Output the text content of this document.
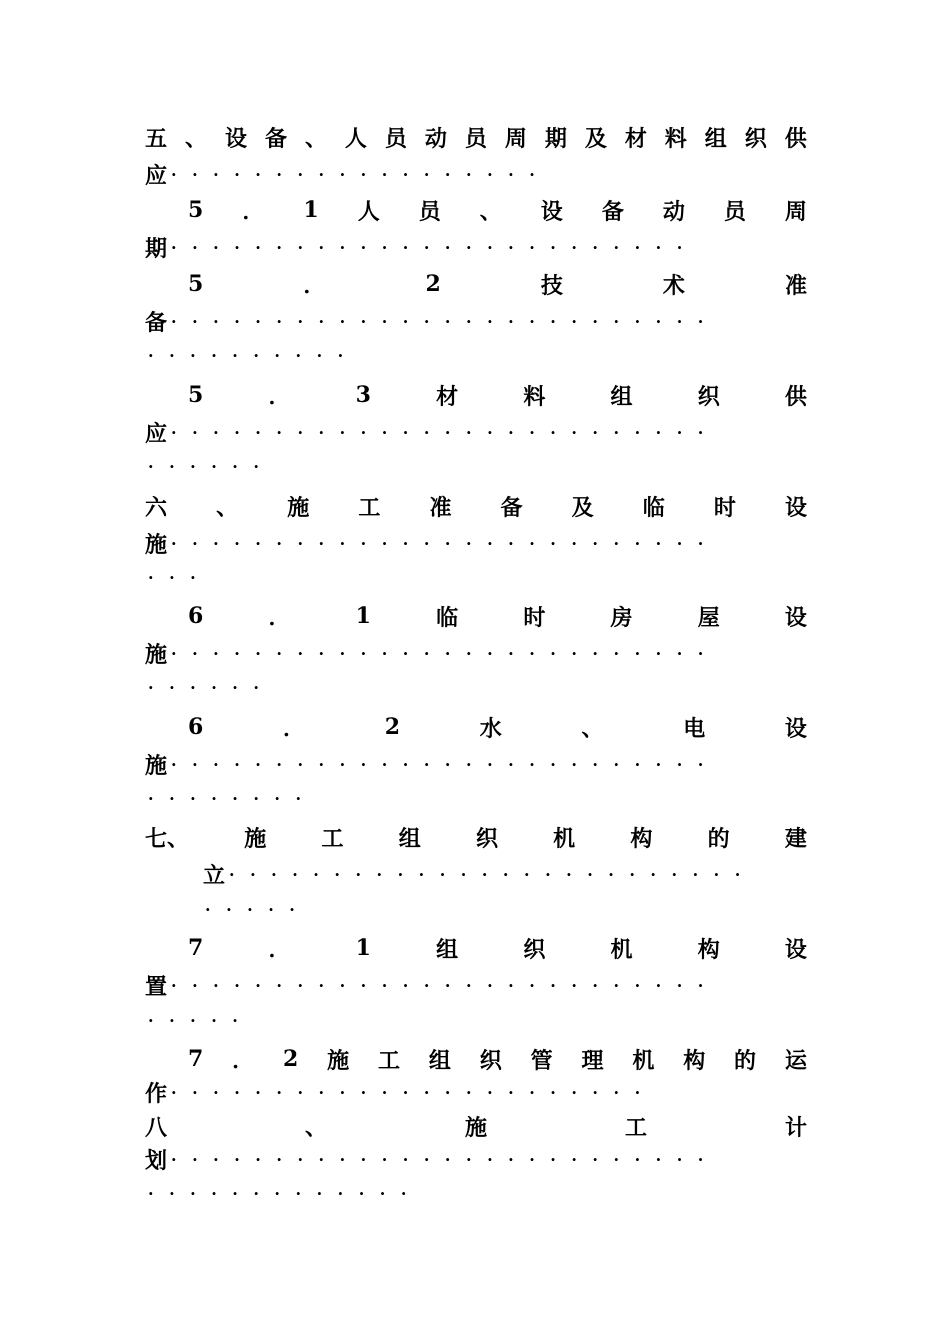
五 、 设 备 、 人 员 动 员 周 期 及 材 料 组 织 供
应 ··················
5 ． 1 人 员 、 设 备 动 员 周
期 ·························
5	．	2	技	术	准
备 ··························
··········
5	．	3	材	料	组	织	供
应 ··························
······
六 、 施 工 准 备 及 临 时 设
施 ··························
···
6	．	1	临	时	房	屋	设
施 ··························
······
6	．	2	水	、	电	设
施 ··························
········
七、	施	工	组	织	机	构	的	建
立 ·························
·····
7	．	1	组	织	机	构	设
置 ··························
·····
7 ． 2 施 工 组 织 管 理 机 构 的 运
作 ·······················
八	、	施	工	计
划 ··························
·············
